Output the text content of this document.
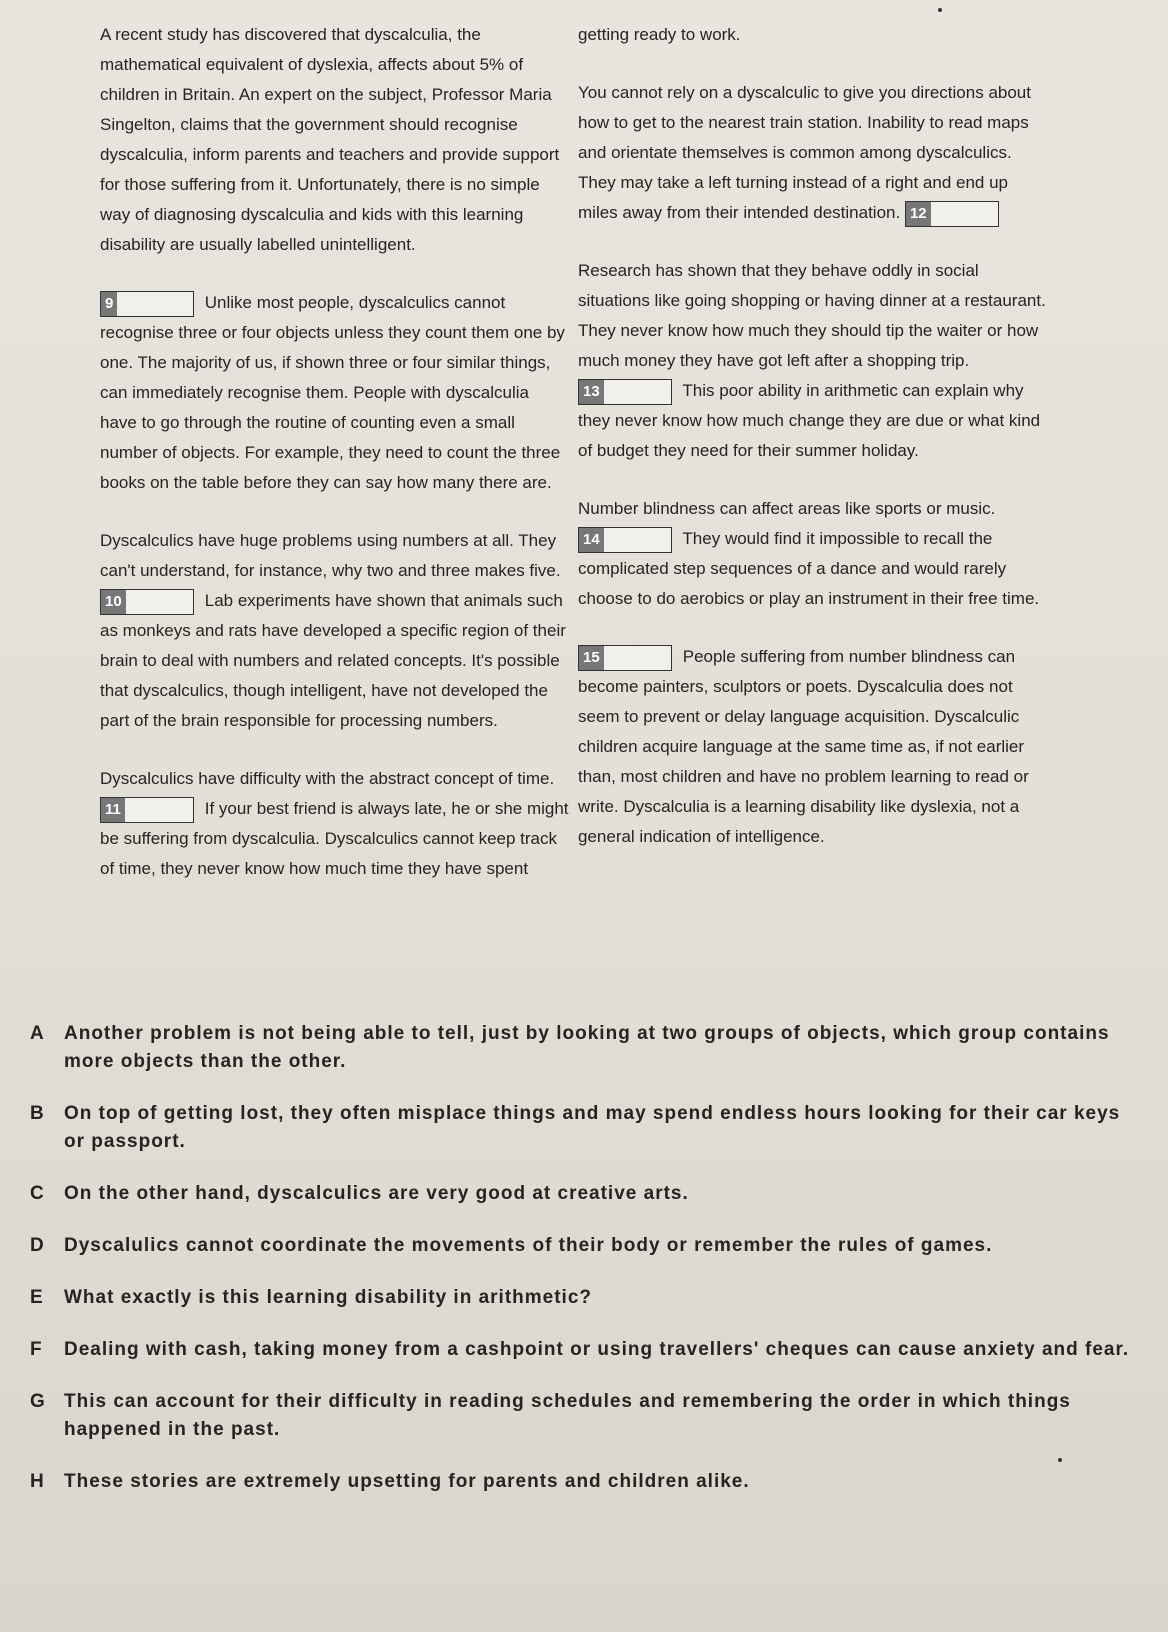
A recent study has discovered that dyscalculia, the mathematical equivalent of dyslexia, affects about 5% of children in Britain. An expert on the subject, Professor Maria Singelton, claims that the government should recognise dyscalculia, inform parents and teachers and provide support for those suffering from it. Unfortunately, there is no simple way of diagnosing dyscalculia and kids with this learning disability are usually labelled unintelligent.

9	Unlike most people, dyscalculics cannot recognise three or four objects unless they count them one by one. The majority of us, if shown three or four similar things, can immediately recognise them. People with dyscalculia have to go through the routine of counting even a small number of objects. For example, they need to count the three books on the table before they can say how many there are.

Dyscalculics have huge problems using numbers at all. They can't understand, for instance, why two and three makes five.
10	Lab experiments have shown that animals such as monkeys and rats have developed a specific region of their brain to deal with numbers and related concepts. It's possible that dyscalculics, though intelligent, have not developed the part of the brain responsible for processing numbers.

Dyscalculics have difficulty with the abstract concept of time.
11	If your best friend is always late, he or she might be suffering from dyscalculia. Dyscalculics cannot keep track of time, they never know how much time they have spent

getting ready to work.

You cannot rely on a dyscalculic to give you directions about how to get to the nearest train station. Inability to read maps and orientate themselves is common among dyscalculics. They may take a left turning instead of a right and end up miles away from their intended destination. 12

Research has shown that they behave oddly in social situations like going shopping or having dinner at a restaurant. They never know how much they should tip the waiter or how much money they have got left after a shopping trip.
13	This poor ability in arithmetic can explain why they never know how much change they are due or what kind of budget they need for their summer holiday.

Number blindness can affect areas like sports or music.
14	They would find it impossible to recall the complicated step sequences of a dance and would rarely choose to do aerobics or play an instrument in their free time.

15	People suffering from number blindness can become painters, sculptors or poets. Dyscalculia does not seem to prevent or delay language acquisition. Dyscalculic children acquire language at the same time as, if not earlier than, most children and have no problem learning to read or write. Dyscalculia is a learning disability like dyslexia, not a general indication of intelligence.

A	Another problem is not being able to tell, just by looking at two groups of objects, which group contains more objects than the other.
B	On top of getting lost, they often misplace things and may spend endless hours looking for their car keys or passport.
C	On the other hand, dyscalculics are very good at creative arts.
D	Dyscalulics cannot coordinate the movements of their body or remember the rules of games.
E	What exactly is this learning disability in arithmetic?
F	Dealing with cash, taking money from a cashpoint or using travellers' cheques can cause anxiety and fear.
G This can account for their difficulty in reading schedules and remembering the order in which things happened in the past.
H	These stories are extremely upsetting for parents and children alike.
